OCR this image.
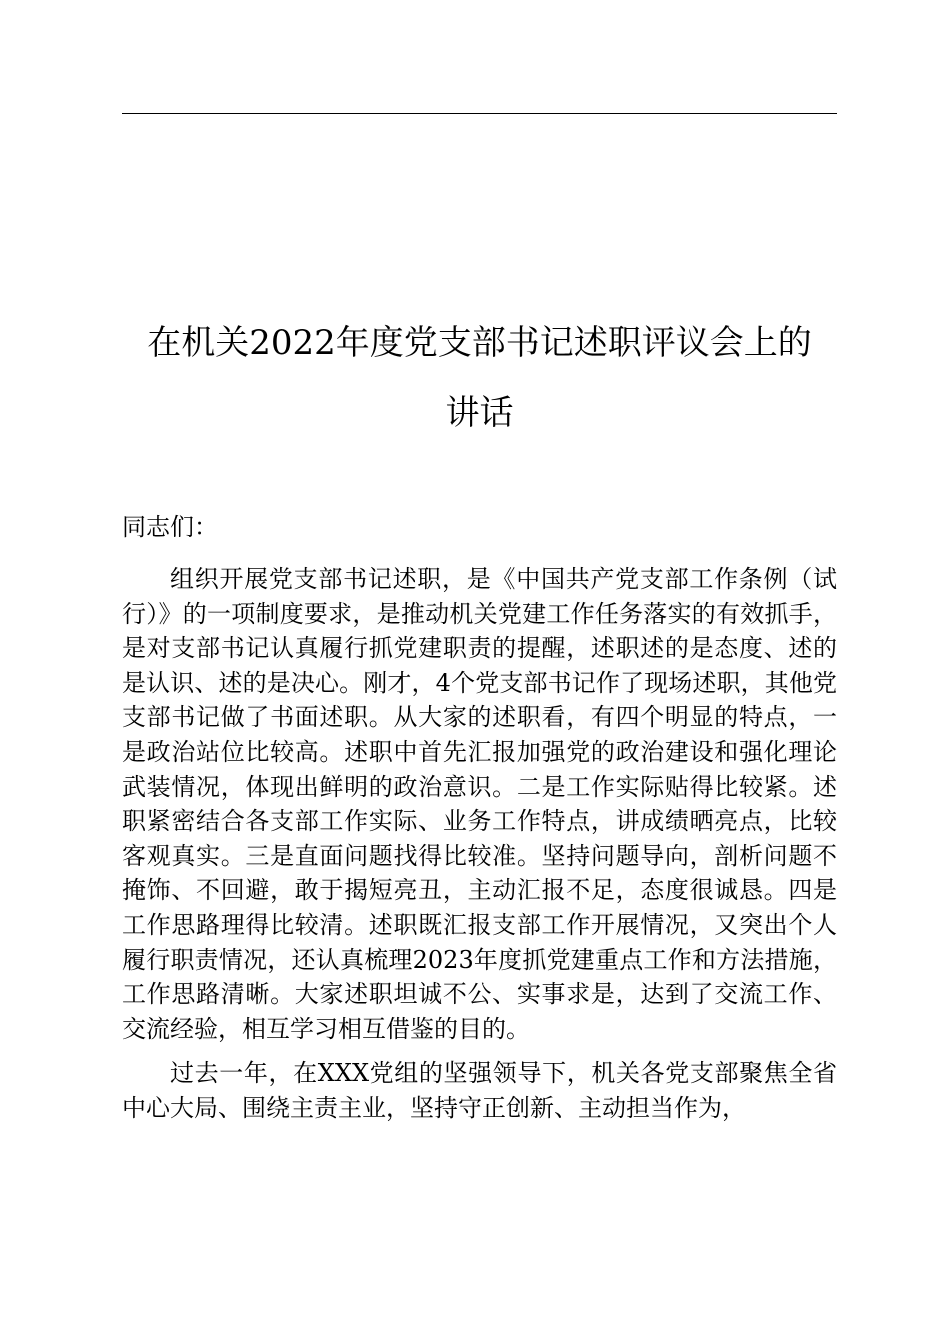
在机关2022年度党支部书记述职评议会上的
讲话

同志们：

组织开展党支部书记述职，是《中国共产党支部工作条例（试行）》的一项制度要求，是推动机关党建工作任务落实的有效抓手，是对支部书记认真履行抓党建职责的提醒，述职述的是态度、述的是认识、述的是决心。刚才，4个党支部书记作了现场述职，其他党支部书记做了书面述职。从大家的述职看，有四个明显的特点，一是政治站位比较高。述职中首先汇报加强党的政治建设和强化理论武装情况，体现出鲜明的政治意识。二是工作实际贴得比较紧。述职紧密结合各支部工作实际、业务工作特点，讲成绩晒亮点，比较客观真实。三是直面问题找得比较准。坚持问题导向，剖析问题不掩饰、不回避，敢于揭短亮丑，主动汇报不足，态度很诚恳。四是工作思路理得比较清。述职既汇报支部工作开展情况，又突出个人履行职责情况，还认真梳理2023年度抓党建重点工作和方法措施，工作思路清晰。大家述职坦诚不公、实事求是，达到了交流工作、交流经验，相互学习相互借鉴的目的。

过去一年，在XXX党组的坚强领导下，机关各党支部聚焦全省中心大局、围绕主责主业，坚持守正创新、主动担当作为，
